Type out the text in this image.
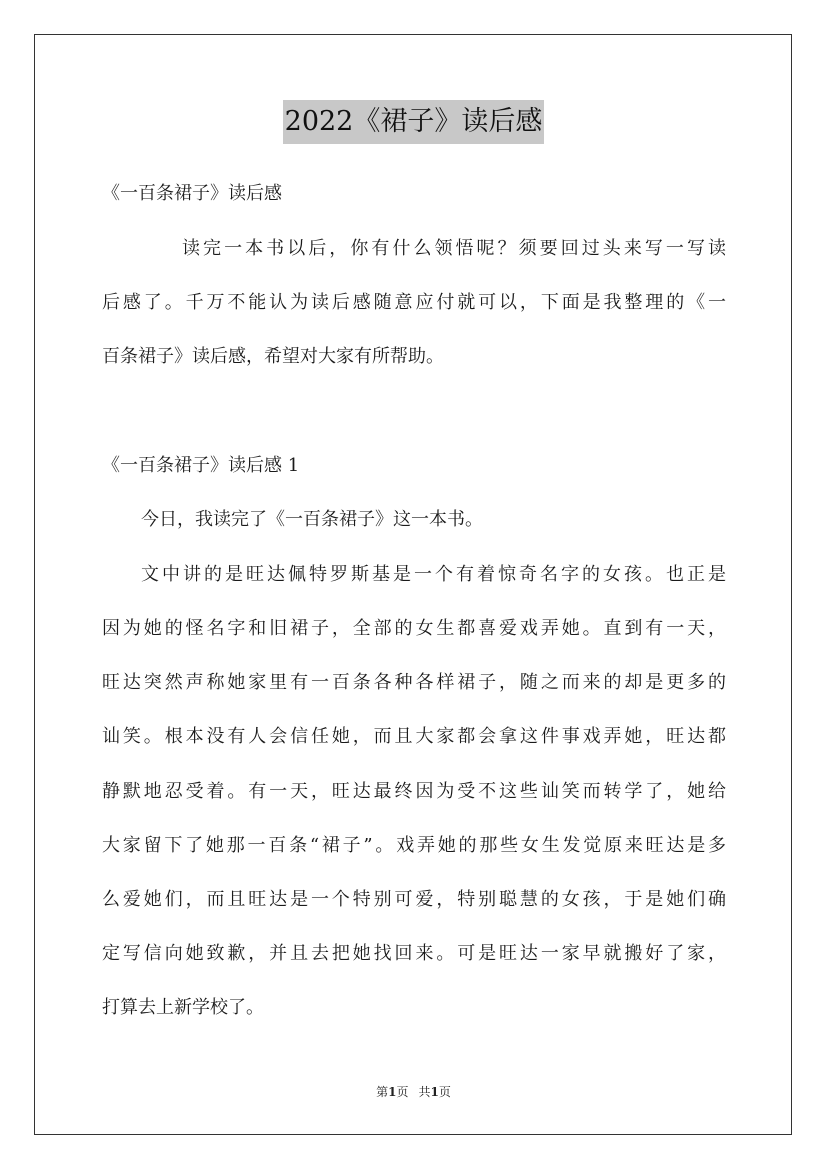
2022《裙子》读后感
《一百条裙子》读后感
读完一本书以后，你有什么领悟呢？须要回过头来写一写读
后感了。千万不能认为读后感随意应付就可以，下面是我整理的《一
百条裙子》读后感，希望对大家有所帮助。
《一百条裙子》读后感 1
今日，我读完了《一百条裙子》这一本书。
文中讲的是旺达佩特罗斯基是一个有着惊奇名字的女孩。也正是
因为她的怪名字和旧裙子，全部的女生都喜爱戏弄她。直到有一天，
旺达突然声称她家里有一百条各种各样裙子，随之而来的却是更多的
讪笑。根本没有人会信任她，而且大家都会拿这件事戏弄她，旺达都
静默地忍受着。有一天，旺达最终因为受不这些讪笑而转学了，她给
大家留下了她那一百条“裙子”。戏弄她的那些女生发觉原来旺达是多
么爱她们，而且旺达是一个特别可爱，特别聪慧的女孩，于是她们确
定写信向她致歉，并且去把她找回来。可是旺达一家早就搬好了家，
打算去上新学校了。
第1页 共1页
